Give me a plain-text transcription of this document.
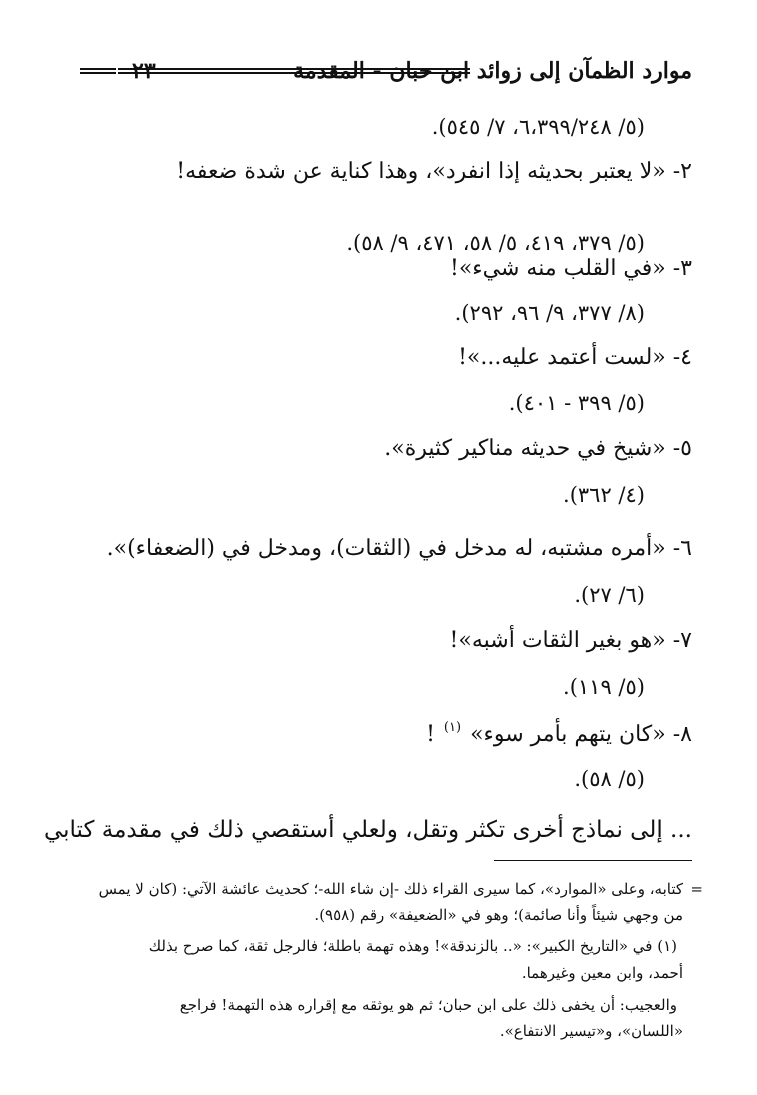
موارد الظمآن إلى زوائد ابن حبان - المقدمة
٢٣
(٥/ ٦،٣٩٩/٢٤٨، ٧/ ٥٤٥).
٢- «لا يعتبر بحديثه إذا انفرد»، وهذا كناية عن شدة ضعفه!
(٥/ ٣٧٩، ٤١٩، ٥/ ٥٨، ٤٧١، ٩/ ٥٨).
٣- «في القلب منه شيء»!
(٨/ ٣٧٧، ٩/ ٩٦، ٢٩٢).
٤- «لست أعتمد عليه...»!
(٥/ ٣٩٩ - ٤٠١).
٥- «شيخ في حديثه مناكير كثيرة».
(٤/ ٣٦٢).
٦- «أمره مشتبه، له مدخل في (الثقات)، ومدخل في (الضعفاء)».
(٦/ ٢٧).
٧- «هو بغير الثقات أشبه»!
(٥/ ١١٩).
٨- «كان يتهم بأمر سوء» $^{(١)}$ !
(٥/ ٥٨).
... إلى نماذج أخرى تكثر وتقل، ولعلي أستقصي ذلك في مقدمة كتابي
=
كتابه، وعلى «الموارد»، كما سيرى القراء ذلك -إن شاء الله-؛ كحديث عائشة الآتي: (كان لا يمس
من وجهي شيئاً وأنا صائمة)؛ وهو في «الضعيفة» رقم (٩٥٨).
(١) في «التاريخ الكبير»: «.. بالزندقة»! وهذه تهمة باطلة؛ فالرجل ثقة، كما صرح بذلك
أحمد، وابن معين وغيرهما.
والعجيب: أن يخفى ذلك على ابن حبان؛ ثم هو يوثقه مع إقراره هذه التهمة! فراجع
«اللسان»، و«تيسير الانتفاع».
